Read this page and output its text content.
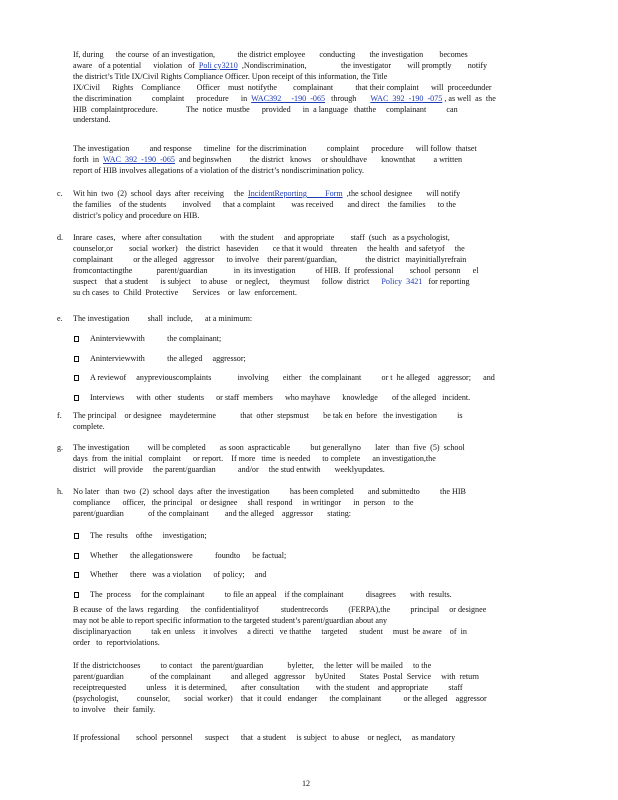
If, during      the course  of an investigation,           the district employee       conducting       the investigation        becomes
aware   of a potential      violation   of  Poli cy3210  ,Nondiscrimination,                 the investigator        will promptly        notify
the district’s Title IX/Civil Rights Compliance Officer. Upon receipt of this information, the Title
IX/Civil      Rights    Compliance        Officer    must  notifythe        complainant           that their complaint      will  proceedunder
the discrimination          complaint      procedure      in  WAC392     -190  -065   through       WAC  392  -190  -075 , as well  as  the
HIB  complaintprocedure.              The  notice  mustbe      provided      in  a language   thatthe     complainant          can
understand.
The investigation          and response      timeline   for the discrimination          complaint      procedure      will follow  thatset
forth  in  WAC  392  -190  -065  and beginswhen         the district   knows     or shouldhave       knownthat         a written
report of HIB involves allegations of a violation of the district’s nondiscrimination policy.
c. Wit hin  two  (2)  school  days  after  receiving     the  IncidentReporting         Form  ,the school designee       will notify
the families    of the students        involved      that a complaint        was received       and direct    the families      to the
district’s policy and procedure on HIB.
d. Inrare  cases,   where  after consultation         with  the student     and appropriate        staff  (such   as a psychologist,
counselor,or        social  worker)    the district   haseviden       ce that it would    threaten     the health   and safetyof     the
complainant          or the alleged   aggressor      to involve    their parent/guardian,              the district   mayinitiallyrefrain
fromcontactingthe            parent/guardian             in  its investigation          of HIB.  If  professional        school  personn      el
suspect    that a student      is subject     to abuse    or neglect,     theymust      follow  district      Policy  3421   for reporting
su ch cases  to  Child  Protective       Services    or  law  enforcement.
e. The investigation         shall  include,      at a minimum:
Aninterviewwith           the complainant;
Aninterviewwith           the alleged     aggressor;
A reviewof     anypreviouscomplaints             involving       either    the complainant          or t  he alleged    aggressor;      and
Interviews      with  other   students      or staff  members      who mayhave      knowledge       of the alleged   incident.
f. The principal    or designee    maydetermine            that  other  stepsmust       be tak en  before   the investigation          is
complete.
g. The investigation         will be completed       as soon  aspracticable          but generallyno       later   than  five  (5)  school
days  from  the initial   complaint      or report.    If more   time  is needed      to complete      an investigation,the
district    will provide     the parent/guardian           and/or     the stud entwith       weeklyupdates.
h. No later   than  two  (2)  school  days  after  the investigation          has been completed       and submittedto          the HIB
compliance      officer,   the principal    or designee     shall  respond     in writingor      in  person    to  the
parent/guardian            of the complainant        and the alleged    aggressor       stating:
The  results    ofthe     investigation;
Whether      the allegationswere           foundto      be factual;
Whether      there   was a violation      of policy;     and
The  process     for the complainant          to file an appeal    if the complainant           disagrees       with  results.
B ecause  of  the laws  regarding      the  confidentialityof           studentrecords          (FERPA),the          principal     or designee
may not be able to report specific information to the targeted student’s parent/guardian about any
disciplinaryaction          tak en  unless    it involves     a directi   ve thatthe     targeted      student     must  be aware    of  in
order   to  reportviolations.
If the districtchooses          to contact    the parent/guardian            byletter,     the letter  will be mailed     to the
parent/guardian             of the complainant          and alleged   aggressor     byUnited       States  Postal  Service     with  return
receiptrequested          unless    it is determined,       after  consultation        with  the student    and appropriate          staff
(psychologist,         counselor,       social  worker)    that  it could   endanger      the complainant           or the alleged    aggressor
to involve    their  family.
If professional        school  personnel      suspect      that  a student     is subject   to abuse    or neglect,     as mandatory
12
